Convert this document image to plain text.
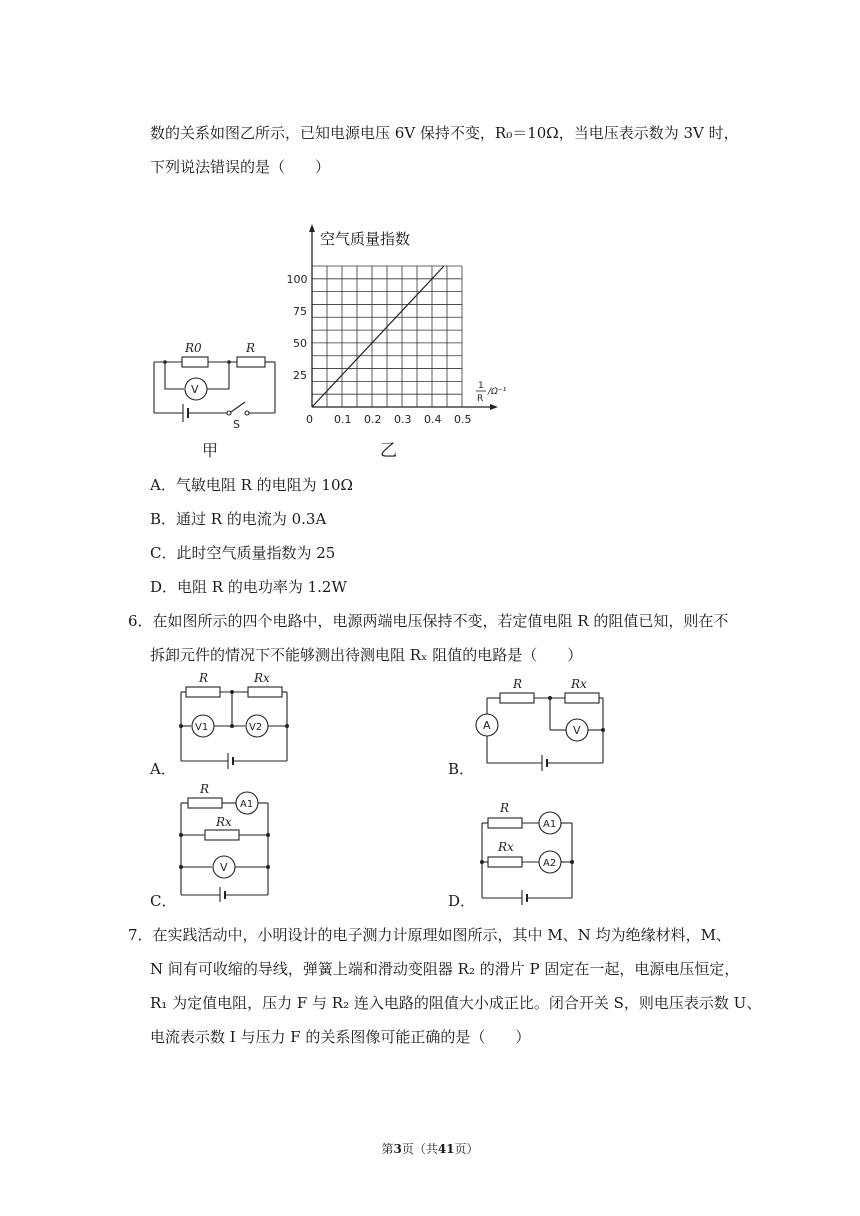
数的关系如图乙所示，已知电源电压 6V 保持不变，R₀＝10Ω，当电压表示数为 3V 时，
下列说法错误的是（　　）
R0	R
V
S
甲
0 0.1 0.2 0.3 0.4 0.5
25
50
75
100
空气质量指数
1
R
/Ω⁻¹
乙
A．气敏电阻 R 的电阻为 10Ω
B．通过 R 的电流为 0.3A
C．此时空气质量指数为 25
D．电阻 R 的电功率为 1.2W
6．在如图所示的四个电路中，电源两端电压保持不变，若定值电阻 R 的阻值已知，则在不
拆卸元件的情况下不能够测出待测电阻 Rₓ 阻值的电路是（　　）
R	Rx
V1	V2
A．
R	Rx
A	V
B．
R
Rx
A1
V
C．
R
Rx
A1
A2
D．
7．在实践活动中，小明设计的电子测力计原理如图所示，其中 M、N 均为绝缘材料，M、
N 间有可收缩的导线，弹簧上端和滑动变阻器 R₂ 的滑片 P 固定在一起，电源电压恒定，
R₁ 为定值电阻，压力 F 与 R₂ 连入电路的阻值大小成正比。闭合开关 S，则电压表示数 U、
电流表示数 I 与压力 F 的关系图像可能正确的是（　　）
第3页（共41页）
